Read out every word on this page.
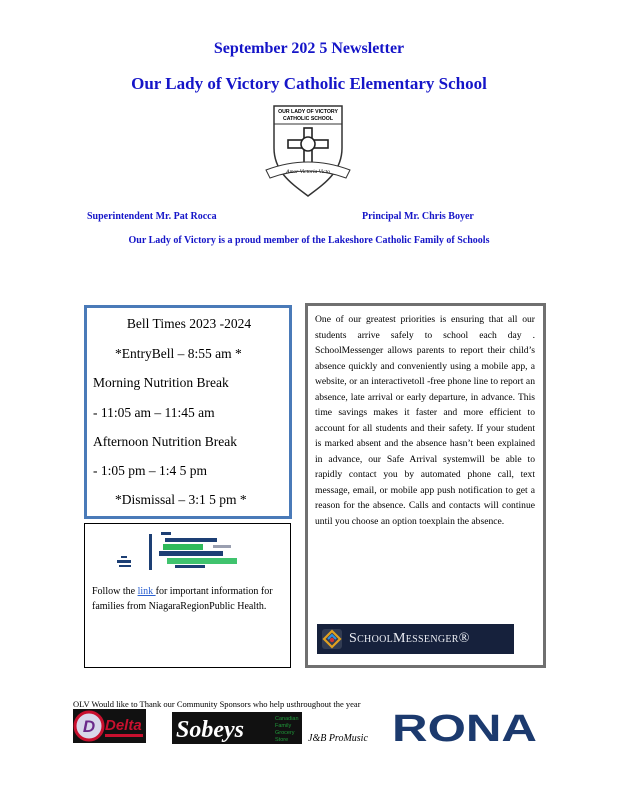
September 202 5 Newsletter
Our Lady of Victory Catholic Elementary School
OUR LADY OF VICTORY
CATHOLIC SCHOOL
Amor Victoria Victo
Superintendent Mr. Pat Rocca	Principal Mr. Chris Boyer
Our Lady of Victory is a proud member of the Lakeshore Catholic Family of Schools
Bell Times 2023 -2024
*EntryBell – 8:55 am *
Morning Nutrition Break
- 11:05 am – 11:45 am
Afternoon Nutrition Break
- 1:05 pm – 1:4 5 pm
*Dismissal – 3:1 5 pm *
Follow the link for important information for families from NiagaraRegionPublic Health.
One of our greatest priorities is ensuring that all our students arrive safely to school each day . SchoolMessenger allows parents to report their child’s absence quickly and conveniently using a mobile app, a website, or an interactivetoll -free phone line to report an absence, late arrival or early departure, in advance. This time savings makes it faster and more efficient to account for all students and their safety. If your student is marked absent and the absence hasn’t been explained in advance, our Safe Arrival systemwill be able to rapidly contact you by automated phone call, text message, email, or mobile app push notification to get a reason for the absence. Calls and contacts will continue until you choose an option toexplain the absence.
SchoolMessenger®
OLV Would like to Thank our Community Sponsors who help usthroughout the year
D Delta Sobeys	Canadian
Family
Grocery
Store J&B ProMusic RONA
